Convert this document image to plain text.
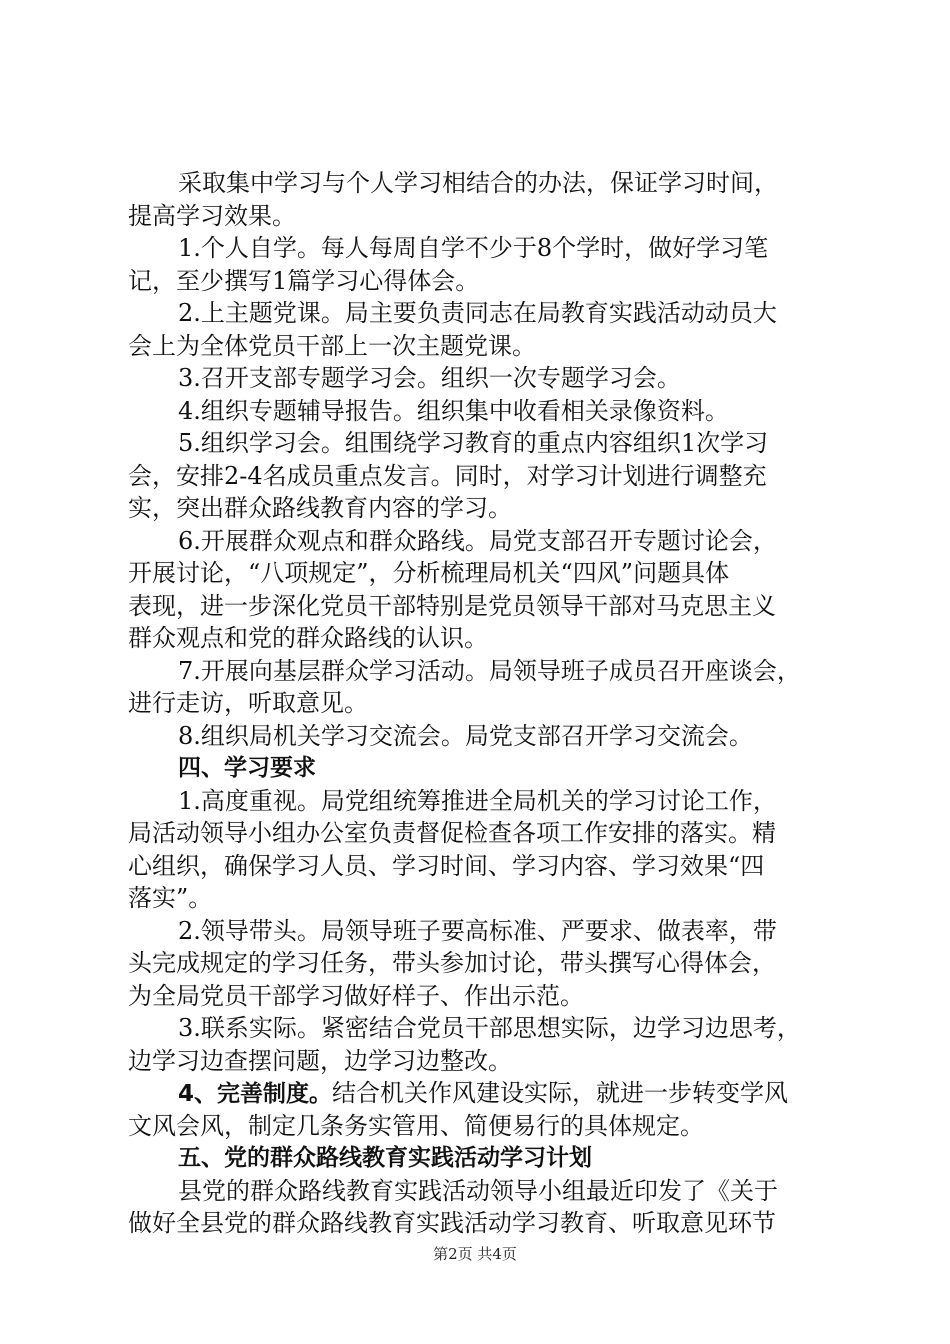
采取集中学习与个人学习相结合的办法，保证学习时间，
提高学习效果。
1.个人自学。每人每周自学不少于8个学时，做好学习笔
记，至少撰写1篇学习心得体会。
2.上主题党课。局主要负责同志在局教育实践活动动员大
会上为全体党员干部上一次主题党课。
3.召开支部专题学习会。组织一次专题学习会。
4.组织专题辅导报告。组织集中收看相关录像资料。
5.组织学习会。组围绕学习教育的重点内容组织1次学习
会，安排2-4名成员重点发言。同时，对学习计划进行调整充
实，突出群众路线教育内容的学习。
6.开展群众观点和群众路线。局党支部召开专题讨论会，
开展讨论，“八项规定”，分析梳理局机关“四风”问题具体
表现，进一步深化党员干部特别是党员领导干部对马克思主义
群众观点和党的群众路线的认识。
7.开展向基层群众学习活动。局领导班子成员召开座谈会，
进行走访，听取意见。
8.组织局机关学习交流会。局党支部召开学习交流会。
四、学习要求
1.高度重视。局党组统筹推进全局机关的学习讨论工作，
局活动领导小组办公室负责督促检查各项工作安排的落实。精
心组织，确保学习人员、学习时间、学习内容、学习效果“四
落实”。
2.领导带头。局领导班子要高标准、严要求、做表率，带
头完成规定的学习任务，带头参加讨论，带头撰写心得体会，
为全局党员干部学习做好样子、作出示范。
3.联系实际。紧密结合党员干部思想实际，边学习边思考，
边学习边查摆问题，边学习边整改。
4、完善制度。结合机关作风建设实际，就进一步转变学风
文风会风，制定几条务实管用、简便易行的具体规定。
五、党的群众路线教育实践活动学习计划
县党的群众路线教育实践活动领导小组最近印发了《关于
做好全县党的群众路线教育实践活动学习教育、听取意见环节
第2页 共4页
